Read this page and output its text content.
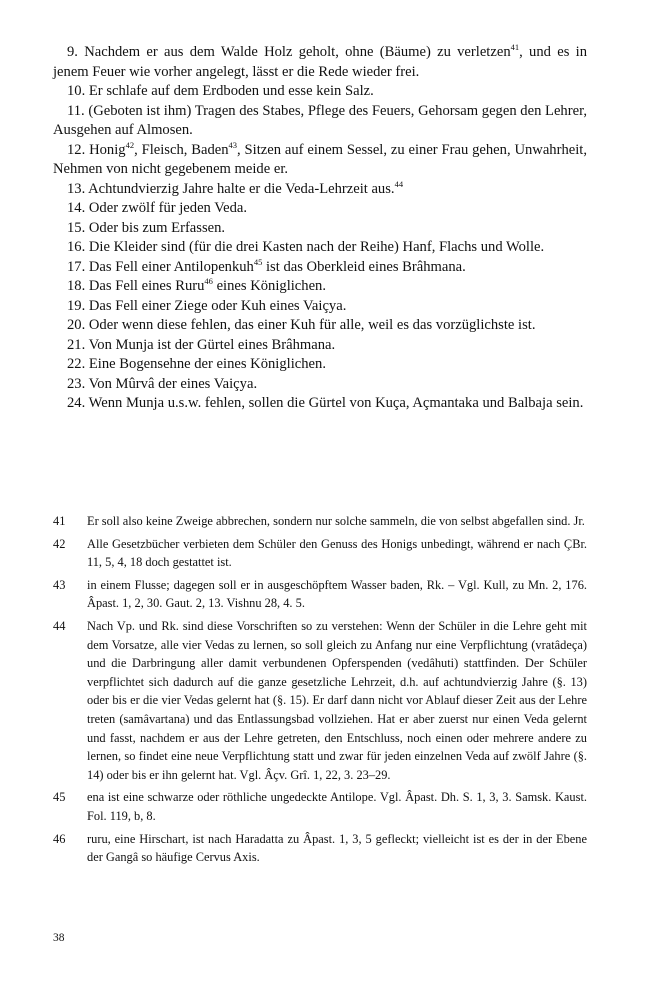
9. Nachdem er aus dem Walde Holz geholt, ohne (Bäume) zu verletzen$^{41}$, und es in jenem Feuer wie vorher angelegt, lässt er die Rede wieder frei.

10. Er schlafe auf dem Erdboden und esse kein Salz.

11. (Geboten ist ihm) Tragen des Stabes, Pflege des Feuers, Gehorsam gegen den Lehrer, Ausgehen auf Almosen.

12. Honig$^{42}$, Fleisch, Baden$^{43}$, Sitzen auf einem Sessel, zu einer Frau gehen, Unwahrheit, Nehmen von nicht gegebenem meide er.

13. Achtundvierzig Jahre halte er die Veda-Lehrzeit aus.$^{44}$

14. Oder zwölf für jeden Veda.

15. Oder bis zum Erfassen.

16. Die Kleider sind (für die drei Kasten nach der Reihe) Hanf, Flachs und Wolle.

17. Das Fell einer Antilopenkuh$^{45}$ ist das Oberkleid eines Brâhmana.

18. Das Fell eines Ruru$^{46}$ eines Königlichen.

19. Das Fell einer Ziege oder Kuh eines Vaiçya.

20. Oder wenn diese fehlen, das einer Kuh für alle, weil es das vorzüglichste ist.

21. Von Munja ist der Gürtel eines Brâhmana.

22. Eine Bogensehne der eines Königlichen.

23. Von Mûrvâ der eines Vaiçya.

24. Wenn Munja u.s.w. fehlen, sollen die Gürtel von Kuça, Açmantaka und Balbaja sein.

41	Er soll also keine Zweige abbrechen, sondern nur solche sammeln, die von selbst abgefallen sind. Jr.
42	Alle Gesetzbücher verbieten dem Schüler den Genuss des Honigs unbedingt, während er nach ÇBr. 11, 5, 4, 18 doch gestattet ist.
43	in einem Flusse; dagegen soll er in ausgeschöpftem Wasser baden, Rk. – Vgl. Kull, zu Mn. 2, 176. Âpast. 1, 2, 30. Gaut. 2, 13. Vishnu 28, 4. 5.
44	Nach Vp. und Rk. sind diese Vorschriften so zu verstehen: Wenn der Schüler in die Lehre geht mit dem Vorsatze, alle vier Vedas zu lernen, so soll gleich zu Anfang nur eine Verpflichtung (vratâdeça) und die Darbringung aller damit verbundenen Opferspenden (vedâhuti) stattfinden. Der Schüler verpflichtet sich dadurch auf die ganze gesetzliche Lehrzeit, d.h. auf achtundvierzig Jahre (§. 13) oder bis er die vier Vedas gelernt hat (§. 15). Er darf dann nicht vor Ablauf dieser Zeit aus der Lehre treten (samâvartana) und das Entlassungsbad vollziehen. Hat er aber zuerst nur einen Veda gelernt und fasst, nachdem er aus der Lehre getreten, den Entschluss, noch einen oder mehrere andere zu lernen, so findet eine neue Verpflichtung statt und zwar für jeden einzelnen Veda auf zwölf Jahre (§. 14) oder bis er ihn gelernt hat. Vgl. Âçv. Grî. 1, 22, 3. 23–29.
45	ena ist eine schwarze oder röthliche ungedeckte Antilope. Vgl. Âpast. Dh. S. 1, 3, 3. Samsk. Kaust. Fol. 119, b, 8.
46	ruru, eine Hirschart, ist nach Haradatta zu Âpast. 1, 3, 5 gefleckt; vielleicht ist es der in der Ebene der Gangâ so häufige Cervus Axis.
38
